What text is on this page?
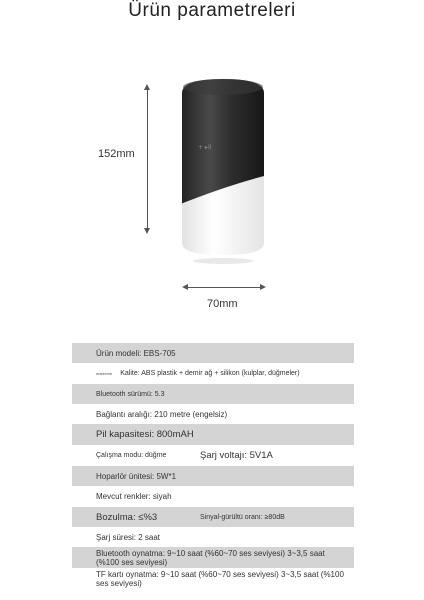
Ürün parametreleri
152mm
+ ▸II
70mm
Ürün modeli: EBS-705
malzeme Kalite: ABS plastik + demir ağ + silikon (kulplar, düğmeler)
Bluetooth sürümü: 5.3
Bağlantı aralığı: 210 metre (engelsiz)
Pil kapasitesi: 800mAH
Çalışma modu: düğme	Şarj voltajı: 5V1A
Hoparlör ünitesi: 5W*1
Mevcut renkler: siyah
Bozulma: ≤%3	Sinyal-gürültü oranı: ≥80dB
Şarj süresi: 2 saat
Bluetooth oynatma: 9~10 saat (%60~70 ses seviyesi) 3~3,5 saat (%100 ses seviyesi)
TF kartı oynatma: 9~10 saat (%60~70 ses seviyesi) 3~3,5 saat (%100 ses seviyesi)
